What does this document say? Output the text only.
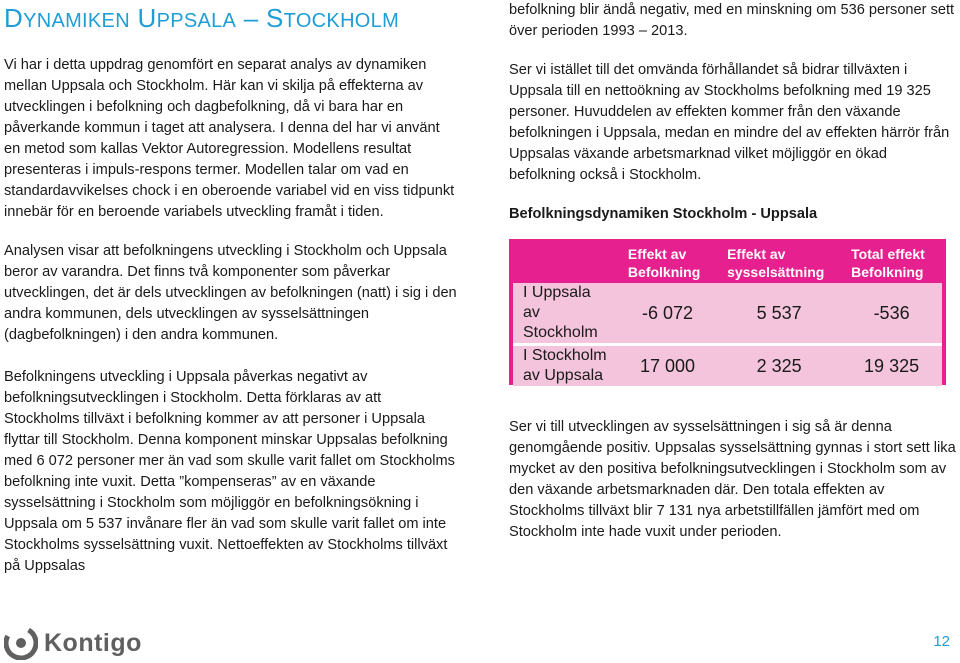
DYNAMIKEN UPPSALA – STOCKHOLM

Vi har i detta uppdrag genomfört en separat analys av dynamiken mellan Uppsala och Stockholm. Här kan vi skilja på effekterna av utvecklingen i befolkning och dagbefolkning, då vi bara har en påverkande kommun i taget att analysera. I denna del har vi använt en metod som kallas Vektor Autoregression. Modellens resultat presenteras i impuls-respons termer. Modellen talar om vad en standardavvikelses chock i en oberoende variabel vid en viss tidpunkt innebär för en beroende variabels utveckling framåt i tiden.

Analysen visar att befolkningens utveckling i Stockholm och Uppsala beror av varandra. Det finns två komponenter som påverkar utvecklingen, det är dels utvecklingen av befolkningen (natt) i sig i den andra kommunen, dels utvecklingen av sysselsättningen (dagbefolkningen) i den andra kommunen.

Befolkningens utveckling i Uppsala påverkas negativt av befolkningsutvecklingen i Stockholm. Detta förklaras av att Stockholms tillväxt i befolkning kommer av att personer i Uppsala flyttar till Stockholm. Denna komponent minskar Uppsalas befolkning med 6 072 personer mer än vad som skulle varit fallet om Stockholms befolkning inte vuxit. Detta ”kompenseras” av en växande sysselsättning i Stockholm som möjliggör en befolkningsökning i Uppsala om 5 537 invånare fler än vad som skulle varit fallet om inte Stockholms sysselsättning vuxit. Nettoeffekten av Stockholms tillväxt på Uppsalas

befolkning blir ändå negativ, med en minskning om 536 personer sett över perioden 1993 – 2013.

Ser vi istället till det omvända förhållandet så bidrar tillväxten i Uppsala till en nettoökning av Stockholms befolkning med 19 325 personer. Huvuddelen av effekten kommer från den växande befolkningen i Uppsala, medan en mindre del av effekten härrör från Uppsalas växande arbetsmarknad vilket möjliggör en ökad befolkning också i Stockholm.

Befolkningsdynamiken Stockholm - Uppsala

	Effekt av Befolkning	Effekt av sysselsättning	Total effekt Befolkning
I Uppsala av Stockholm	-6 072	5 537	-536
I Stockholm av Uppsala	17 000	2 325	19 325

Ser vi till utvecklingen av sysselsättningen i sig så är denna genomgående positiv. Uppsalas sysselsättning gynnas i stort sett lika mycket av den positiva befolkningsutvecklingen i Stockholm som av den växande arbetsmarknaden där. Den totala effekten av Stockholms tillväxt blir 7 131 nya arbetstillfällen jämfört med om Stockholm inte hade vuxit under perioden.

Kontigo	12
